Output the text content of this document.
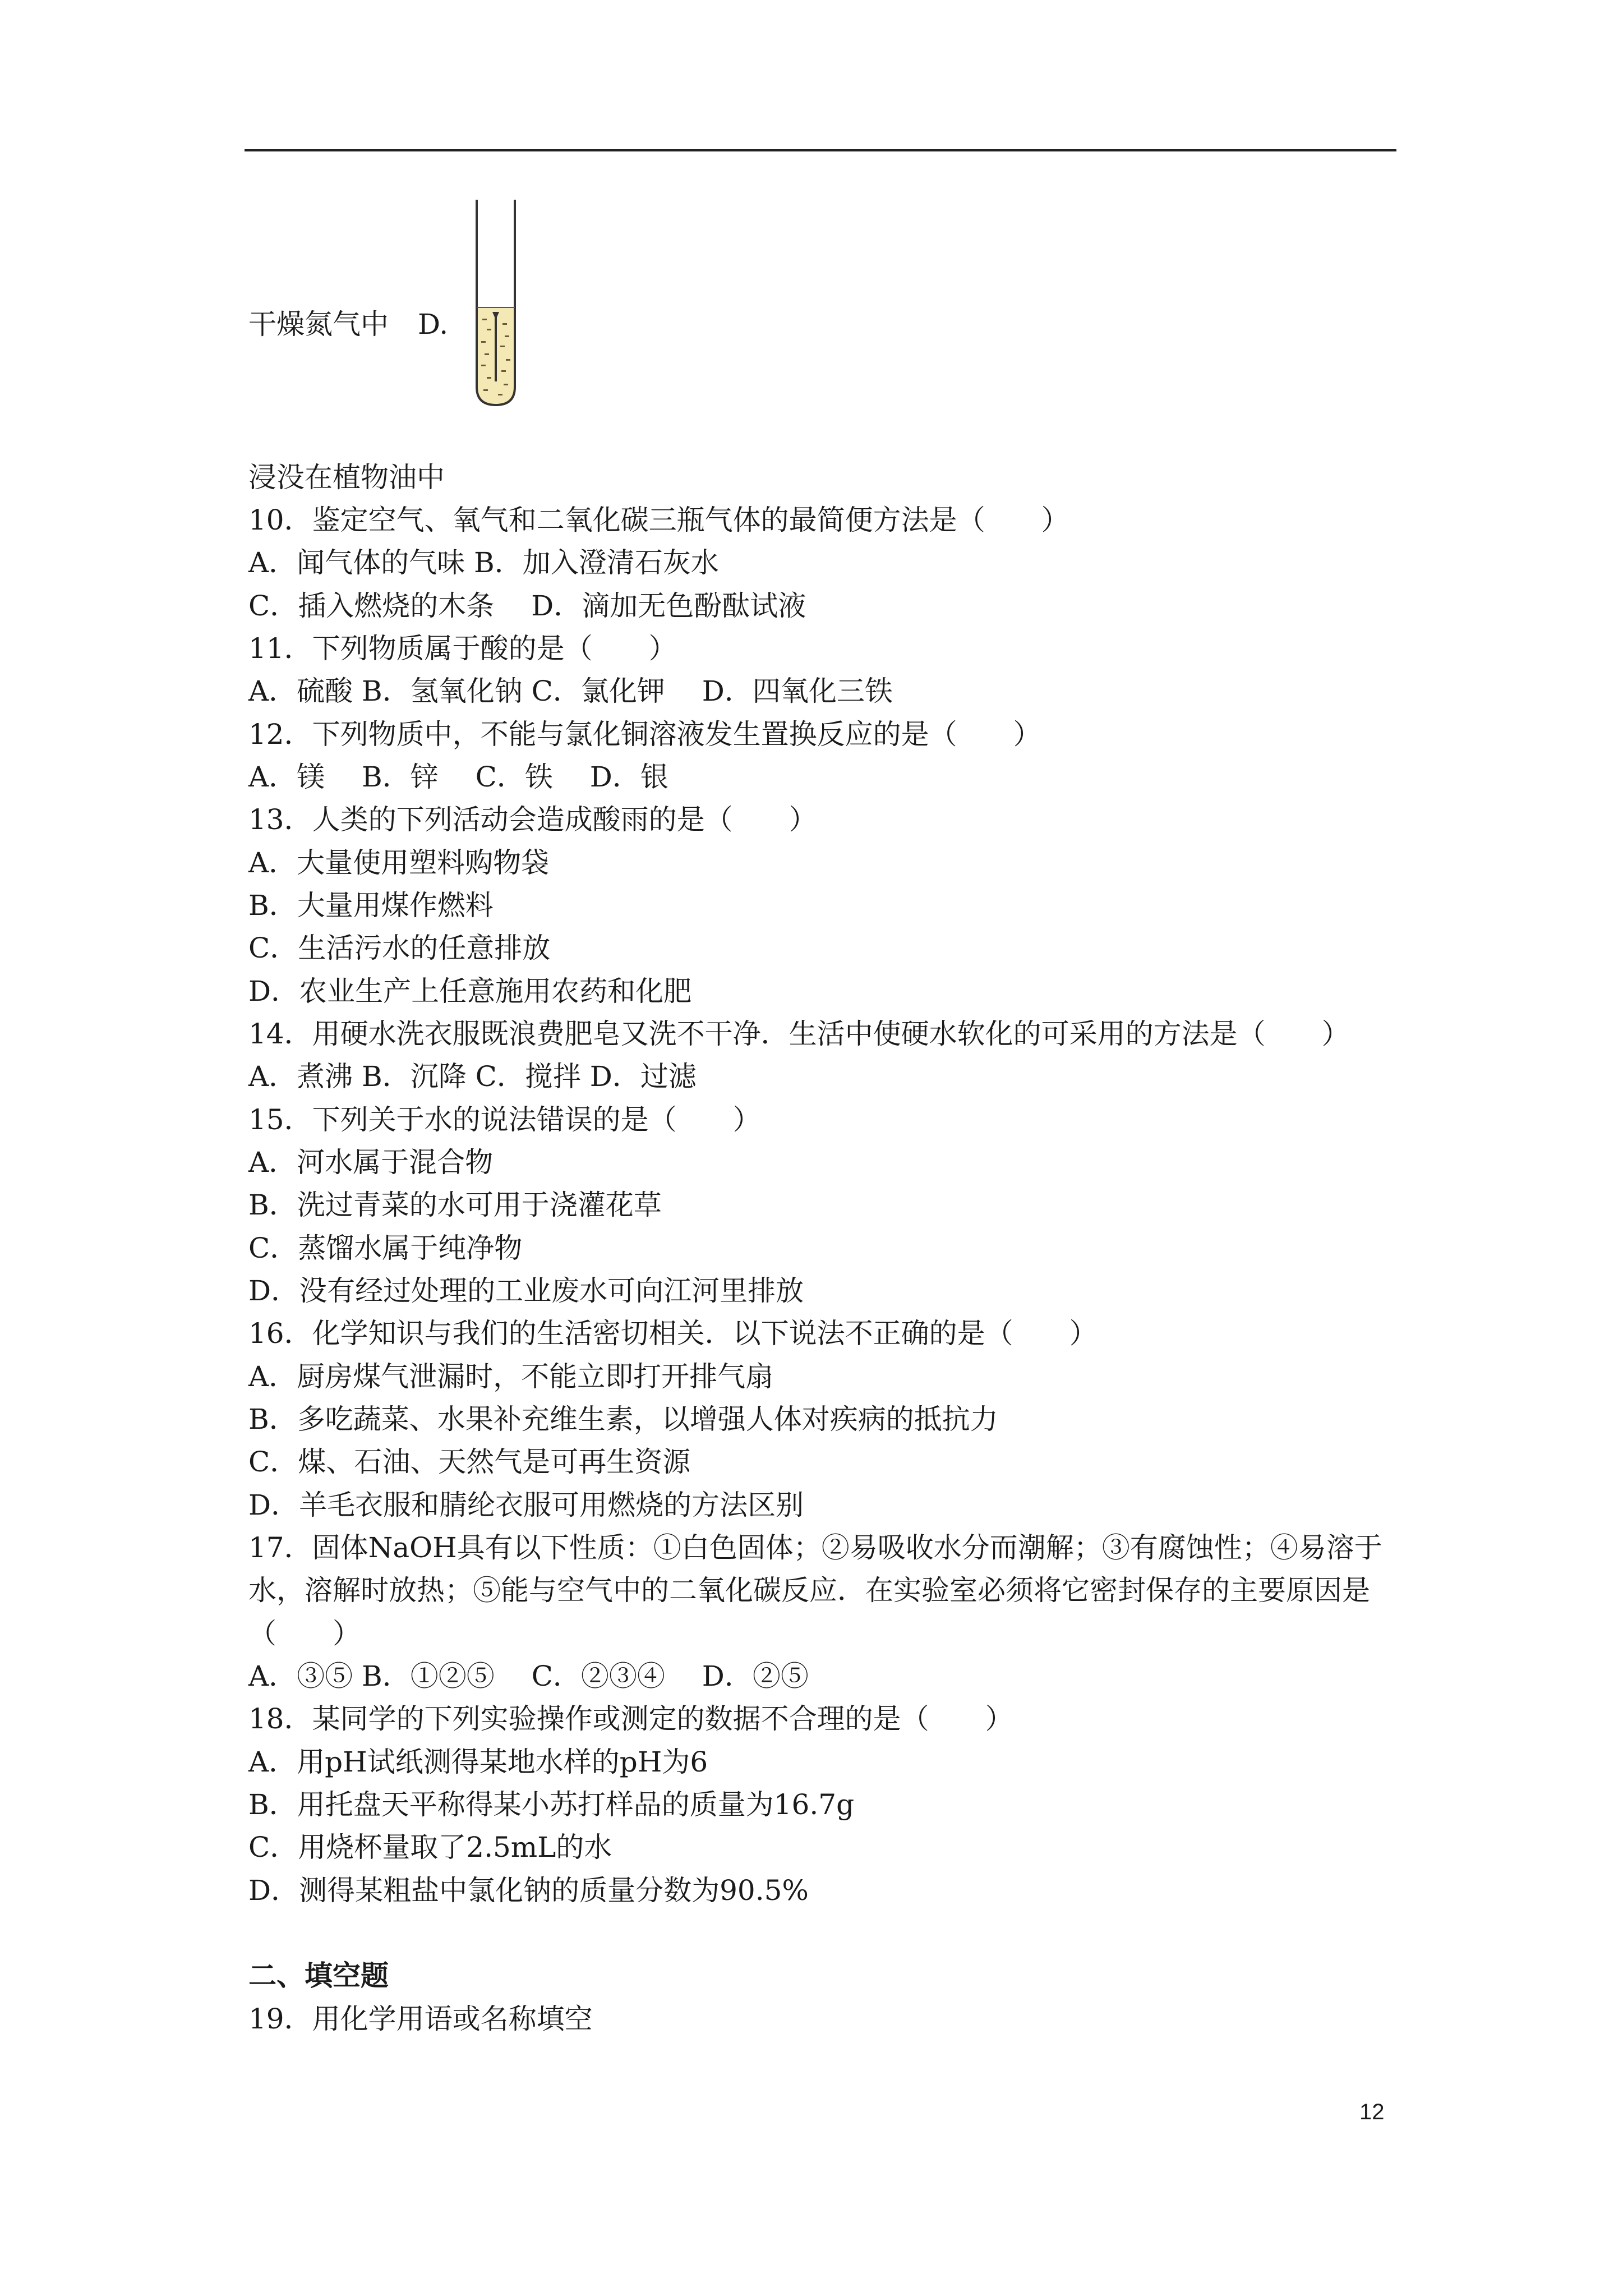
干燥氮气中 D.
浸没在植物油中
10．鉴定空气、氧气和二氧化碳三瓶气体的最简便方法是（　　）
A．闻气体的气味 B．加入澄清石灰水
C．插入燃烧的木条　 D．滴加无色酚酞试液
11．下列物质属于酸的是（　　）
A．硫酸 B．氢氧化钠 C．氯化钾　 D．四氧化三铁
12．下列物质中，不能与氯化铜溶液发生置换反应的是（　　）
A．镁　 B．锌　 C．铁　 D．银
13．人类的下列活动会造成酸雨的是（　　）
A．大量使用塑料购物袋
B．大量用煤作燃料
C．生活污水的任意排放
D．农业生产上任意施用农药和化肥
14．用硬水洗衣服既浪费肥皂又洗不干净．生活中使硬水软化的可采用的方法是（　　）
A．煮沸 B．沉降 C．搅拌 D．过滤
15．下列关于水的说法错误的是（　　）
A．河水属于混合物
B．洗过青菜的水可用于浇灌花草
C．蒸馏水属于纯净物
D．没有经过处理的工业废水可向江河里排放
16．化学知识与我们的生活密切相关．以下说法不正确的是（　　）
A．厨房煤气泄漏时，不能立即打开排气扇
B．多吃蔬菜、水果补充维生素，以增强人体对疾病的抵抗力
C．煤、石油、天然气是可再生资源
D．羊毛衣服和腈纶衣服可用燃烧的方法区别
17．固体NaOH具有以下性质：①白色固体；②易吸收水分而潮解；③有腐蚀性；④易溶于
水，溶解时放热；⑤能与空气中的二氧化碳反应．在实验室必须将它密封保存的主要原因是
（　　）
A．③⑤ B．①②⑤　 C．②③④　 D．②⑤
18．某同学的下列实验操作或测定的数据不合理的是（　　）
A．用pH试纸测得某地水样的pH为6
B．用托盘天平称得某小苏打样品的质量为16.7g
C．用烧杯量取了2.5mL的水
D．测得某粗盐中氯化钠的质量分数为90.5%
二、填空题
19．用化学用语或名称填空
12
